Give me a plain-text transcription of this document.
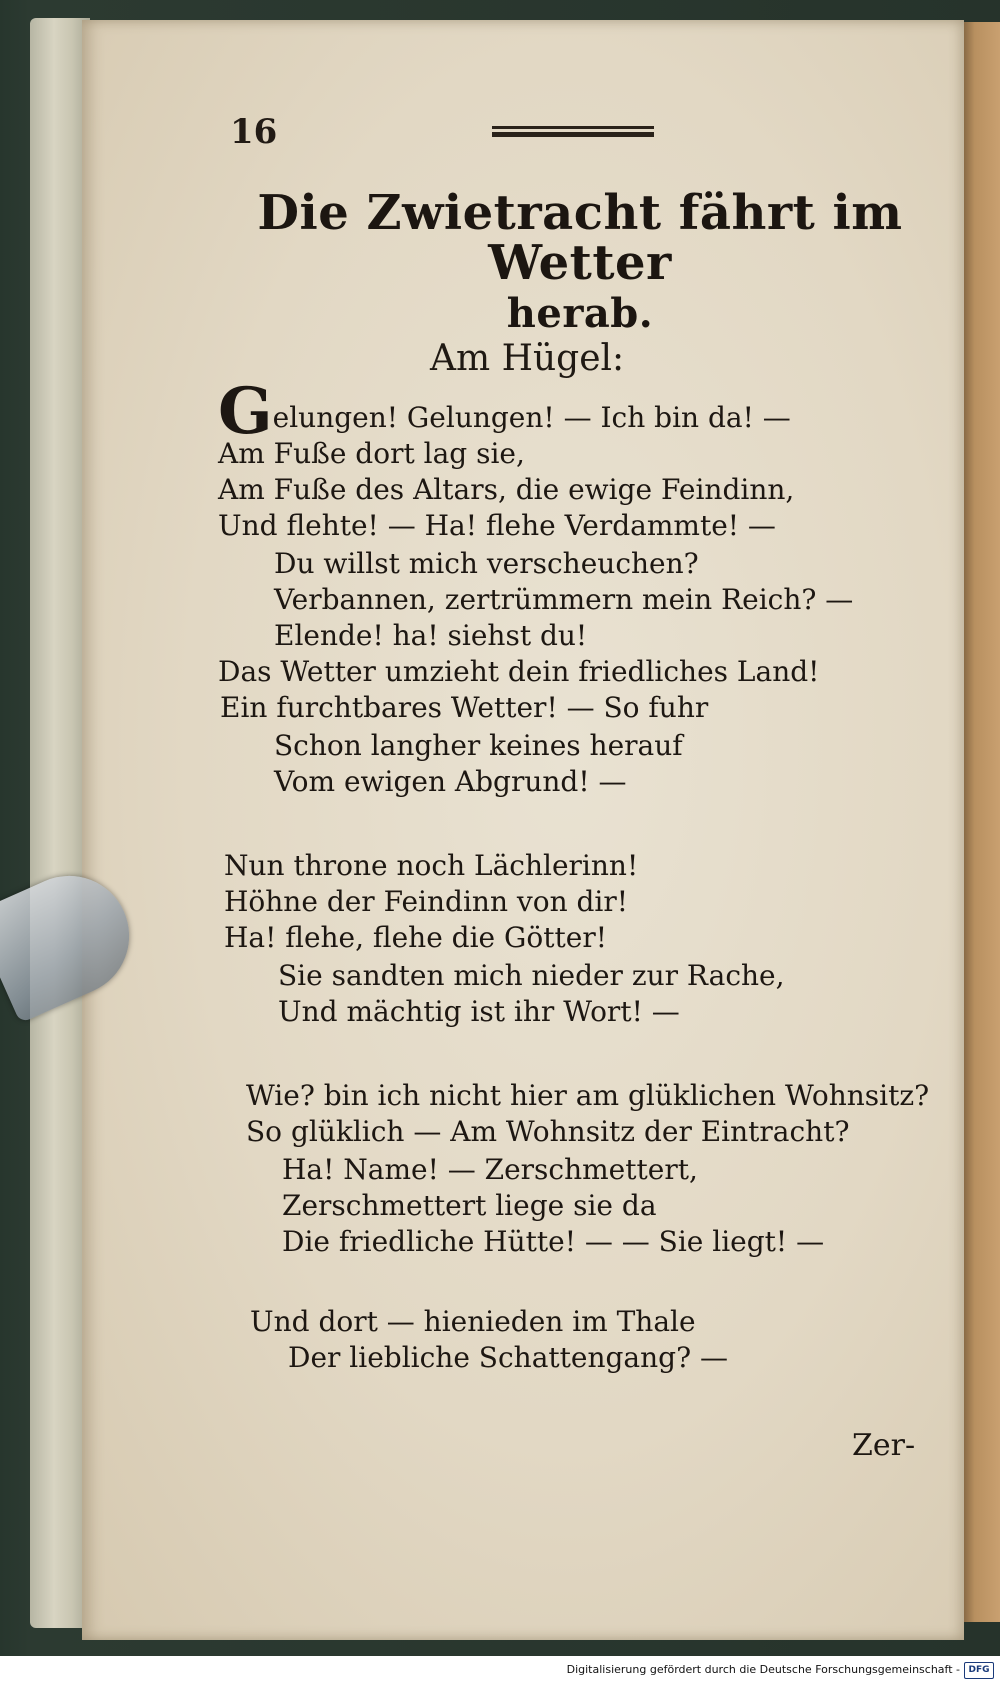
16
Die Zwietracht fährt im Wetter
herab.
Am Hügel:
Gelungen! Gelungen! — Ich bin da! —
Am Fuße dort lag sie,
Am Fuße des Altars, die ewige Feindinn,
Und flehte! — Ha! flehe Verdammte! —
Du willst mich verscheuchen?
Verbannen, zertrümmern mein Reich? —
Elende! ha! siehst du!
Das Wetter umzieht dein friedliches Land!
Ein furchtbares Wetter! — So fuhr
Schon langher keines herauf
Vom ewigen Abgrund! —
Nun throne noch Lächlerinn!
Höhne der Feindinn von dir!
Ha! flehe, flehe die Götter!
Sie sandten mich nieder zur Rache,
Und mächtig ist ihr Wort! —
Wie? bin ich nicht hier am glüklichen Wohnsitz?
So glüklich — Am Wohnsitz der Eintracht?
Ha! Name! — Zerschmettert,
Zerschmettert liege sie da
Die friedliche Hütte! — — Sie liegt! —
Und dort — hienieden im Thale
Der liebliche Schattengang? —
Zer-
Digitalisierung gefördert durch die Deutsche Forschungsgemeinschaft - DFG
